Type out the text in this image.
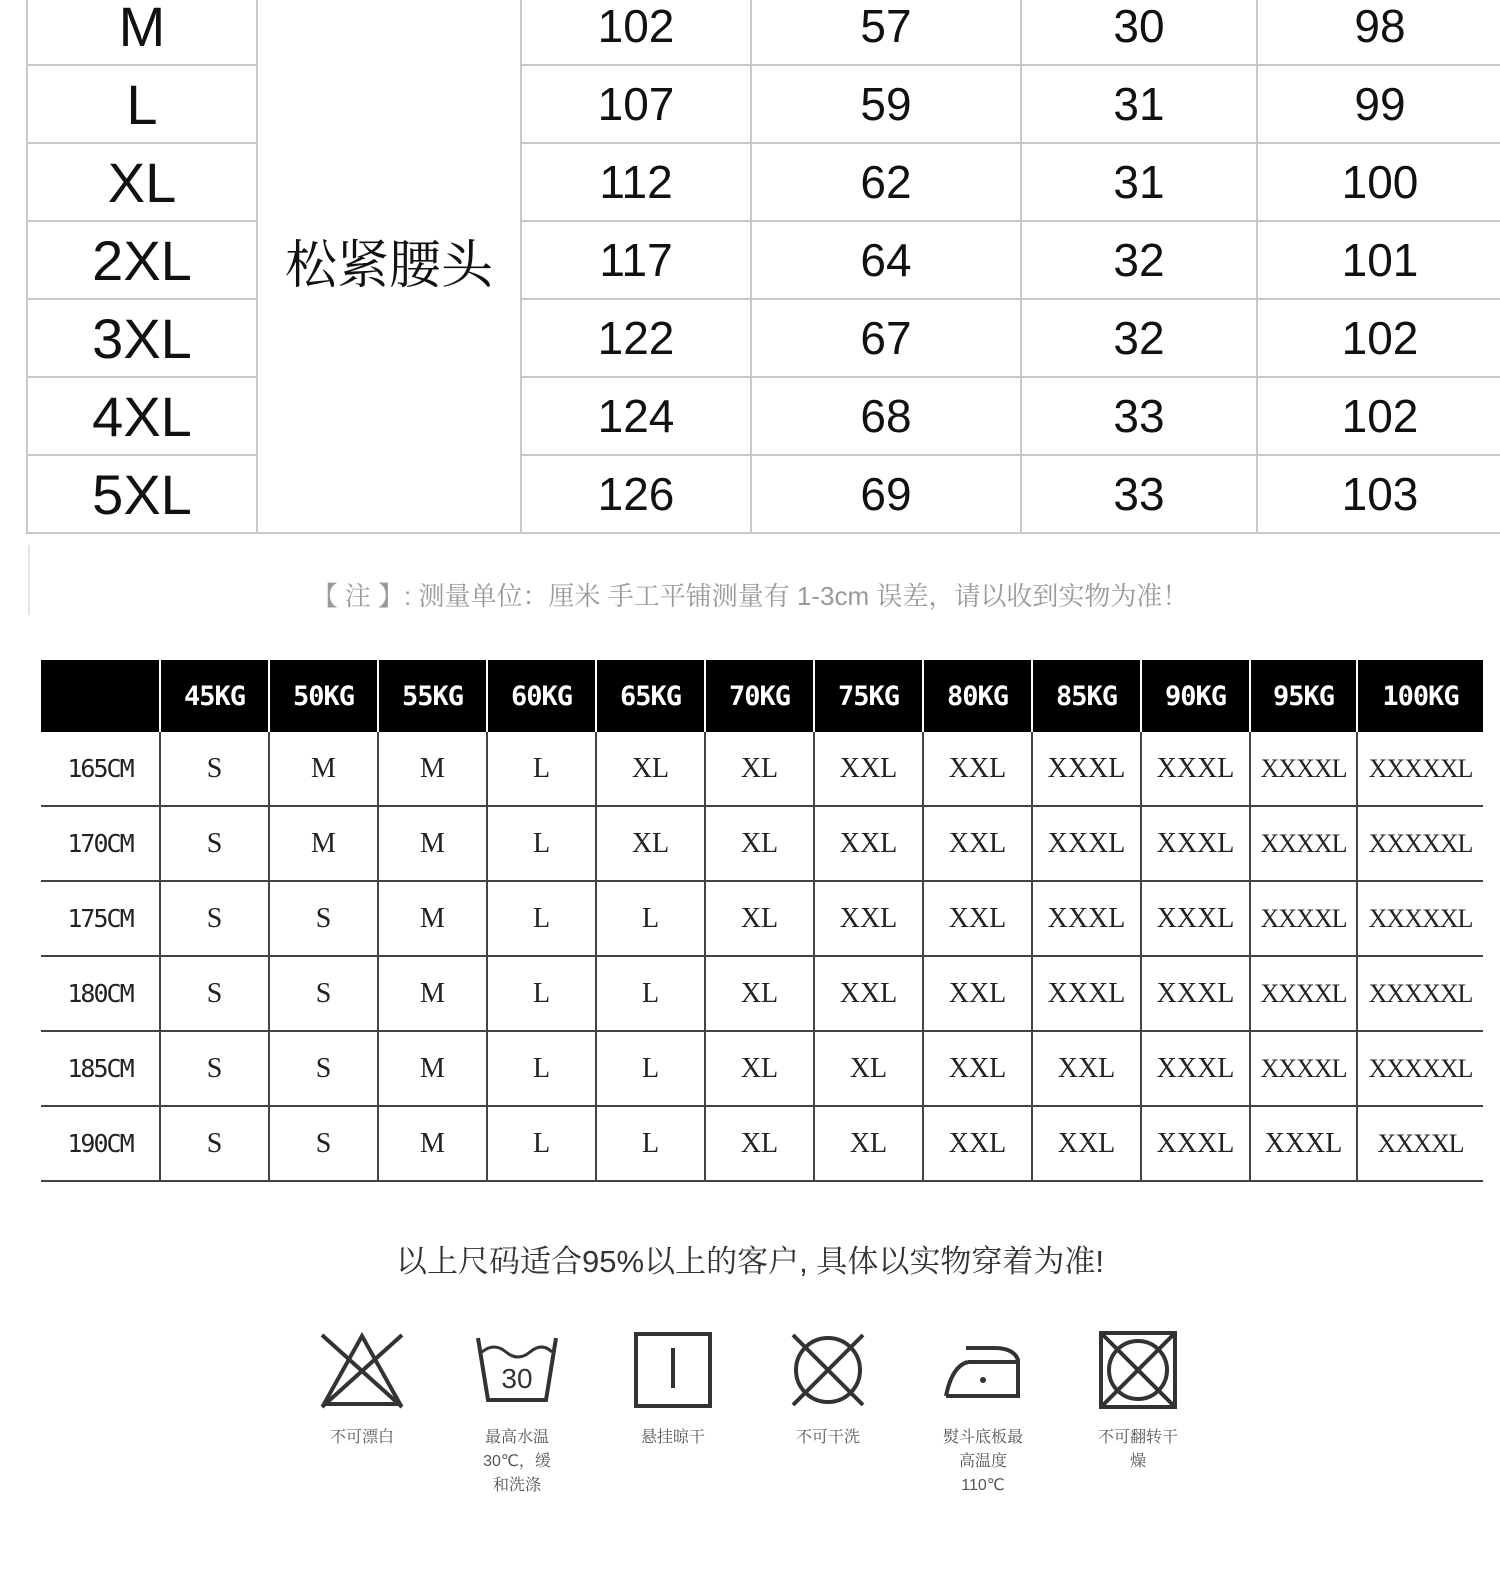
M	松紧腰头	102	57	30	98
L		107	59	31	99
XL		112	62	31	100
2XL		117	64	32	101
3XL		122	67	32	102
4XL		124	68	33	102
5XL		126	69	33	103
【 注 】: 测量单位：厘米 手工平铺测量有 1-3cm 误差，请以收到实物为准！
	45KG	50KG	55KG	60KG	65KG	70KG	75KG	80KG	85KG	90KG	95KG	100KG
165CM	S	M	M	L	XL	XL	XXL	XXL	XXXL	XXXL	XXXXL	XXXXXL
170CM	S	M	M	L	XL	XL	XXL	XXL	XXXL	XXXL	XXXXL	XXXXXL
175CM	S	S	M	L	L	XL	XXL	XXL	XXXL	XXXL	XXXXL	XXXXXL
180CM	S	S	M	L	L	XL	XXL	XXL	XXXL	XXXL	XXXXL	XXXXXL
185CM	S	S	M	L	L	XL	XL	XXL	XXL	XXXL	XXXXL	XXXXXL
190CM	S	S	M	L	L	XL	XL	XXL	XXL	XXXL	XXXL	XXXXL
以上尺码适合95%以上的客户, 具体以实物穿着为准!
不可漂白
30
最高水温
30℃，缓
和洗涤
悬挂晾干	不可干洗	熨斗底板最
高温度
110℃
不可翻转干
燥
